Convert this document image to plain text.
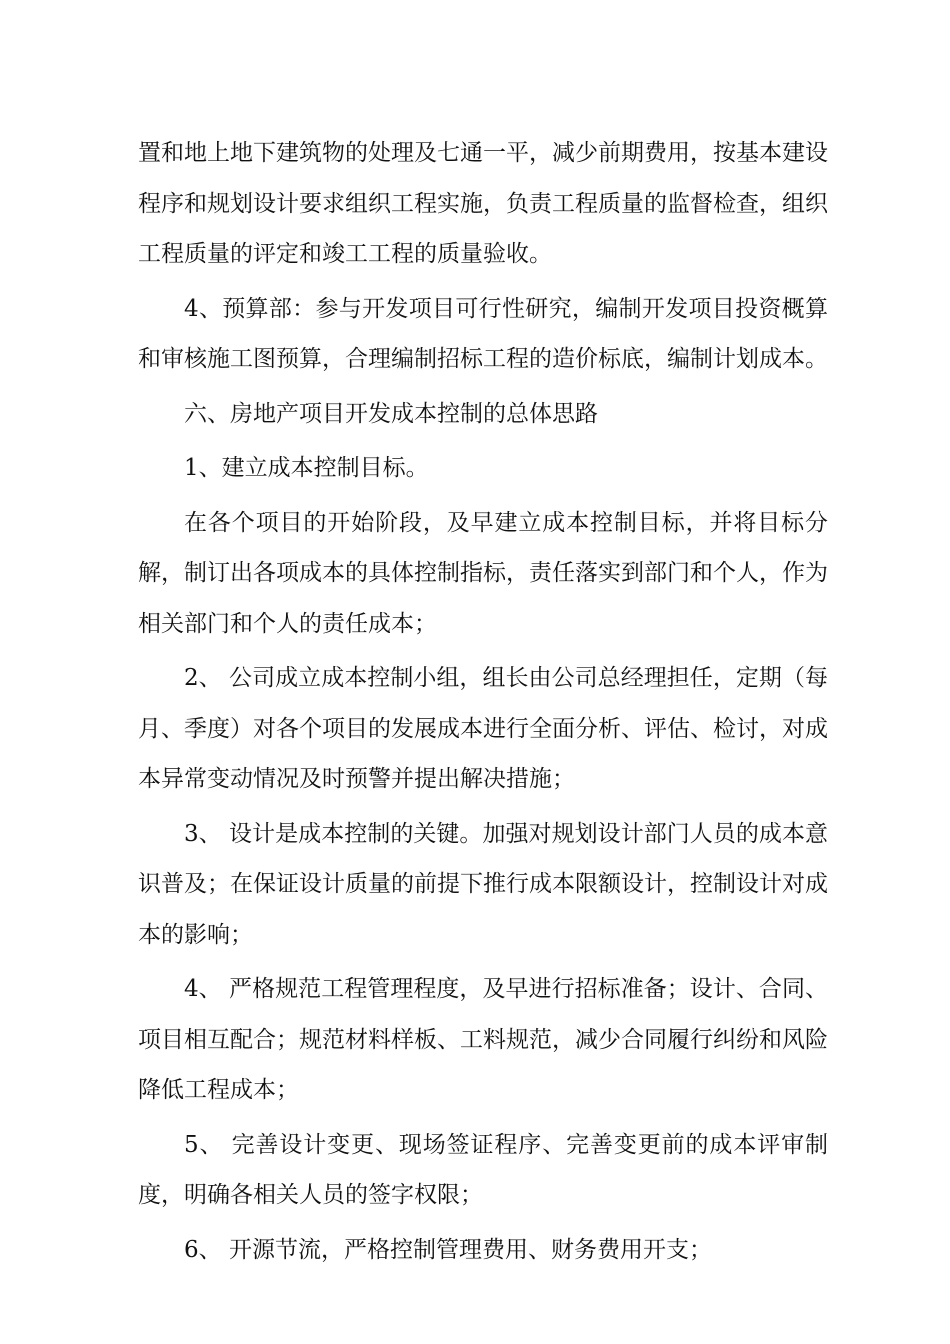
置和地上地下建筑物的处理及七通一平，减少前期费用，按基本建设程序和规划设计要求组织工程实施，负责工程质量的监督检查，组织工程质量的评定和竣工工程的质量验收。

4、预算部：参与开发项目可行性研究，编制开发项目投资概算和审核施工图预算，合理编制招标工程的造价标底，编制计划成本。

六、房地产项目开发成本控制的总体思路

1、建立成本控制目标。

在各个项目的开始阶段，及早建立成本控制目标，并将目标分解，制订出各项成本的具体控制指标，责任落实到部门和个人，作为相关部门和个人的责任成本；

2、 公司成立成本控制小组，组长由公司总经理担任，定期（每月、季度）对各个项目的发展成本进行全面分析、评估、检讨，对成本异常变动情况及时预警并提出解决措施；

3、 设计是成本控制的关键。加强对规划设计部门人员的成本意识普及；在保证设计质量的前提下推行成本限额设计，控制设计对成本的影响；

4、 严格规范工程管理程度，及早进行招标准备；设计、合同、项目相互配合；规范材料样板、工料规范，减少合同履行纠纷和风险降低工程成本；

5、 完善设计变更、现场签证程序、完善变更前的成本评审制度，明确各相关人员的签字权限；

6、 开源节流，严格控制管理费用、财务费用开支；
